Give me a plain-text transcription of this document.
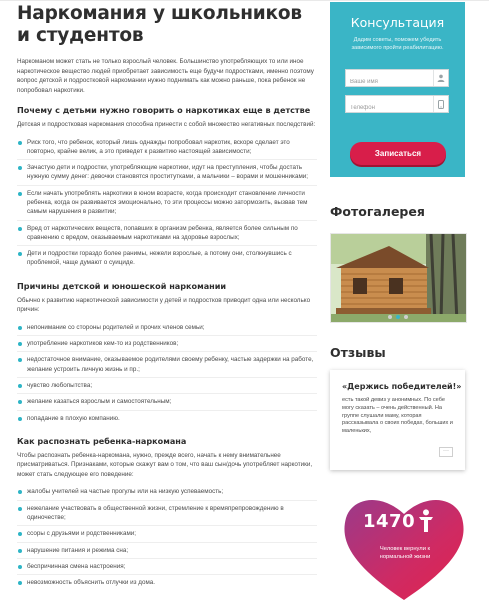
Наркомания у школьников и студентов

Наркоманом может стать не только взрослый человек. Большинство употребляющих то или иное наркотическое вещество людей приобретает зависимость еще будучи подростками, именно поэтому вопрос детской и подростковой наркомании нужно поднимать как можно раньше, пока ребенок не попробовал наркотики.

Почему с детьми нужно говорить о наркотиках еще в детстве

Детская и подростковая наркомания способна принести с собой множество негативных последствий:

Риск того, что ребенок, который лишь однажды попробовал наркотик, вскоре сделает это повторно, крайне велик, а это приведет к развитию настоящей зависимости;
Зачастую дети и подростки, употребляющие наркотики, идут на преступления, чтобы достать нужную сумму денег: девочки становятся проститутками, а мальчики – ворами и мошенниками;
Если начать употреблять наркотики в юном возрасте, когда происходит становление личности ребенка, когда он развивается эмоционально, то эти процессы можно затормозить, вызвав тем самым нарушения в развитии;
Вред от наркотических веществ, попавших в организм ребенка, является более сильным по сравнению с вредом, оказываемым наркотиками на здоровье взрослых;
Дети и подростки гораздо более ранимы, нежели взрослые, а потому они, столкнувшись с проблемой, чаще думают о суициде.
Причины детской и юношеской наркомании

Обычно к развитию наркотической зависимости у детей и подростков приводит одна или несколько причин:

непонимание со стороны родителей и прочих членов семьи;
употребление наркотиков кем-то из родственников;
недостаточное внимание, оказываемое родителями своему ребенку, частые задержки на работе, желание устроить личную жизнь и пр.;
чувство любопытства;
желание казаться взрослым и самостоятельным;
попадание в плохую компанию.
Как распознать ребенка-наркомана

Чтобы распознать ребенка-наркомана, нужно, прежде всего, начать к нему внимательнее присматриваться. Признаками, которые скажут вам о том, что ваш сын/дочь употребляет наркотики, может стать следующее его поведение:

жалобы учителей на частые прогулы или на низкую успеваемость;
нежелание участвовать в общественной жизни, стремление к времяпрепровождению в одиночестве;
ссоры с друзьями и родственниками;
нарушение питания и режима сна;
беспричинная смена настроения;
невозможность объяснить отлучки из дома.
Консультация
Дадим советы, поможем убедить зависимого пройти реабилитацию.
Ваше имя
Телефон
Записаться
Фотогалерея
Отзывы
«Держись победителей!»
есть такой девиз у анонимных. По себе могу сказать – очень действенный. На группе слушали маму, которая рассказывала о своих победах, больших и маленьких,
···
1470
Человек вернули к нормальной жизни
